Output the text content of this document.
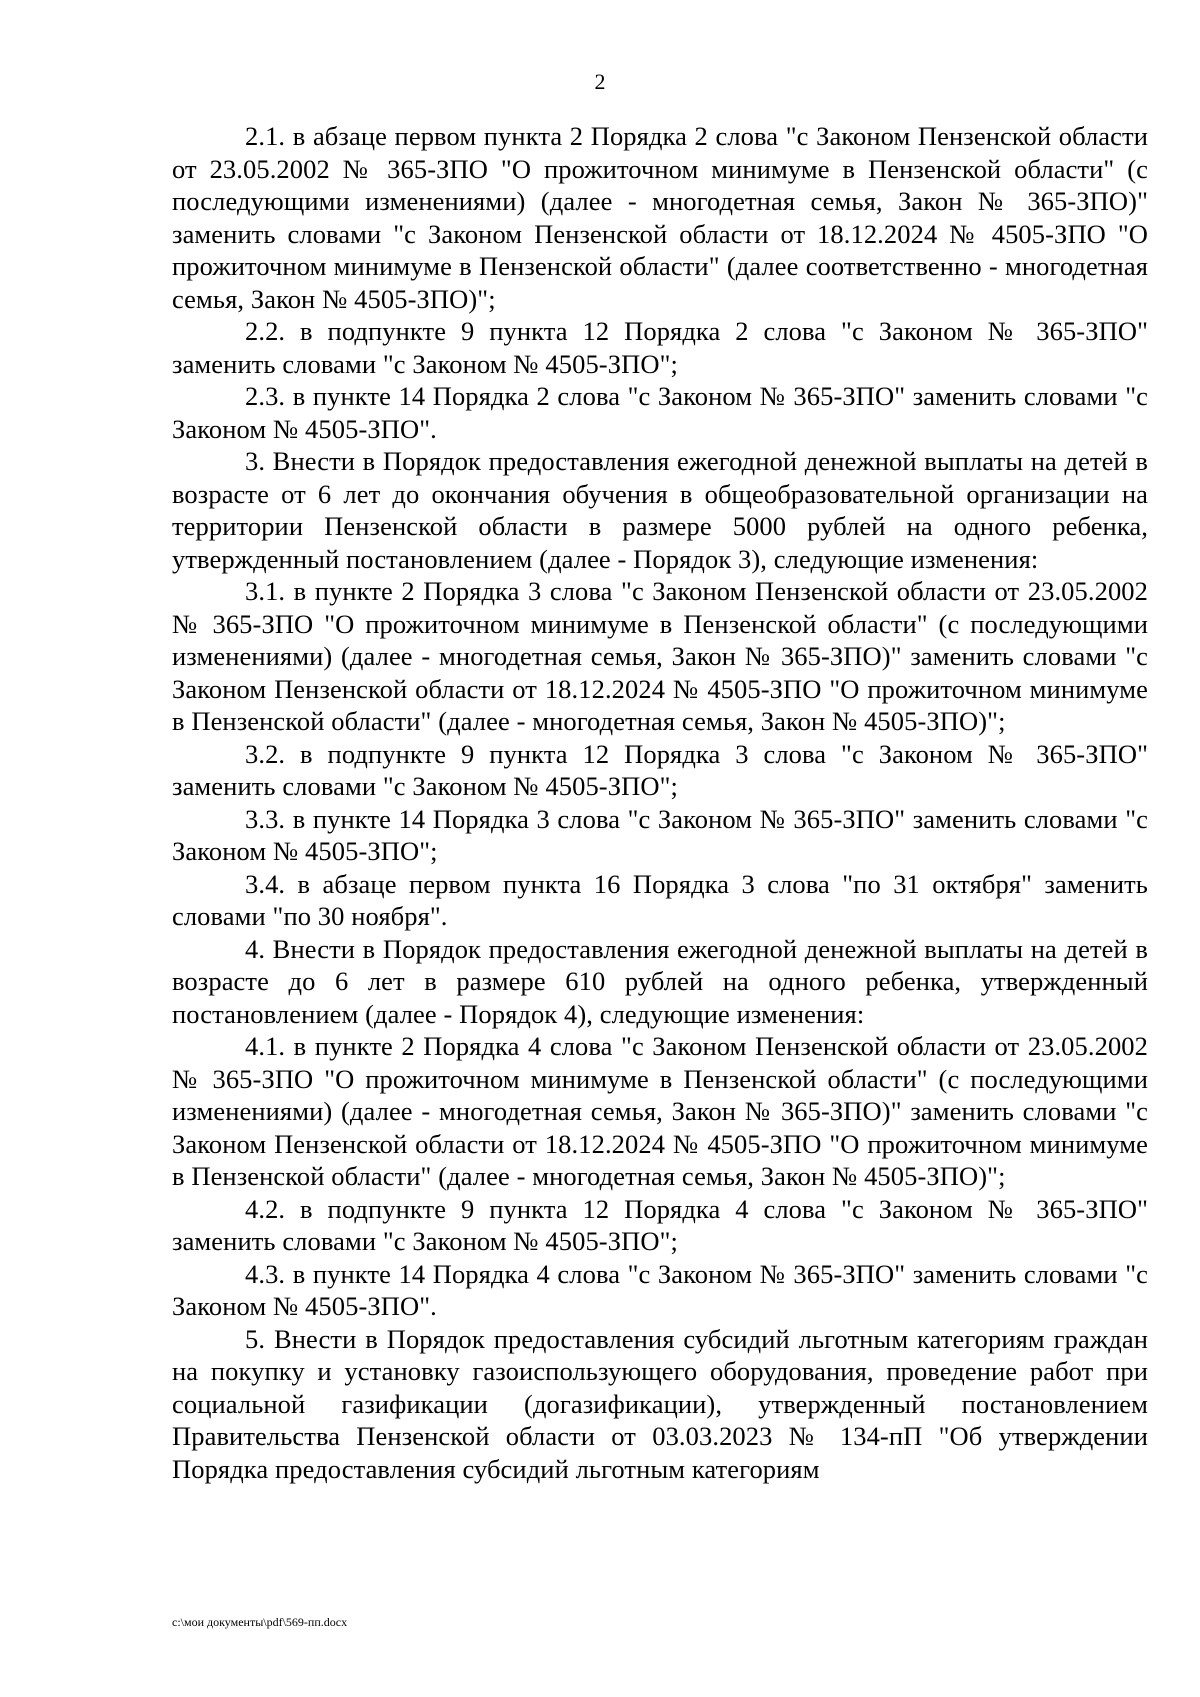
2

2.1. в абзаце первом пункта 2 Порядка 2 слова "с Законом Пензенской области от 23.05.2002 № 365-ЗПО "О прожиточном минимуме в Пензенской области" (с последующими изменениями) (далее - многодетная семья, Закон № 365-ЗПО)" заменить словами "с Законом Пензенской области от 18.12.2024 № 4505-ЗПО "О прожиточном минимуме в Пензенской области" (далее соответственно - многодетная семья, Закон № 4505-ЗПО)";

2.2. в подпункте 9 пункта 12 Порядка 2 слова "с Законом № 365-ЗПО" заменить словами "с Законом № 4505-ЗПО";

2.3. в пункте 14 Порядка 2 слова "с Законом № 365-ЗПО" заменить словами "с Законом № 4505-ЗПО".

3. Внести в Порядок предоставления ежегодной денежной выплаты на детей в возрасте от 6 лет до окончания обучения в общеобразовательной организации на территории Пензенской области в размере 5000 рублей на одного ребенка, утвержденный постановлением (далее - Порядок 3), следующие изменения:

3.1. в пункте 2 Порядка 3 слова "с Законом Пензенской области от 23.05.2002 № 365-ЗПО "О прожиточном минимуме в Пензенской области" (с последующими изменениями) (далее - многодетная семья, Закон № 365-ЗПО)" заменить словами "с Законом Пензенской области от 18.12.2024 № 4505-ЗПО "О прожиточном минимуме в Пензенской области" (далее - многодетная семья, Закон № 4505-ЗПО)";

3.2. в подпункте 9 пункта 12 Порядка 3 слова "с Законом № 365-ЗПО" заменить словами "с Законом № 4505-ЗПО";

3.3. в пункте 14 Порядка 3 слова "с Законом № 365-ЗПО" заменить словами "с Законом № 4505-ЗПО";

3.4. в абзаце первом пункта 16 Порядка 3 слова "по 31 октября" заменить словами "по 30 ноября".

4. Внести в Порядок предоставления ежегодной денежной выплаты на детей в возрасте до 6 лет в размере 610 рублей на одного ребенка, утвержденный постановлением (далее - Порядок 4), следующие изменения:

4.1. в пункте 2 Порядка 4 слова "с Законом Пензенской области от 23.05.2002 № 365-ЗПО "О прожиточном минимуме в Пензенской области" (с последующими изменениями) (далее - многодетная семья, Закон № 365-ЗПО)" заменить словами "с Законом Пензенской области от 18.12.2024 № 4505-ЗПО "О прожиточном минимуме в Пензенской области" (далее - многодетная семья, Закон № 4505-ЗПО)";

4.2. в подпункте 9 пункта 12 Порядка 4 слова "с Законом № 365-ЗПО" заменить словами "с Законом № 4505-ЗПО";

4.3. в пункте 14 Порядка 4 слова "с Законом № 365-ЗПО" заменить словами "с Законом № 4505-ЗПО".

5. Внести в Порядок предоставления субсидий льготным категориям граждан на покупку и установку газоиспользующего оборудования, проведение работ при социальной газификации (догазификации), утвержденный постановлением Правительства Пензенской области от 03.03.2023 № 134-пП "Об утверждении Порядка предоставления субсидий льготным категориям

c:\мои документы\pdf\569-пп.docx
